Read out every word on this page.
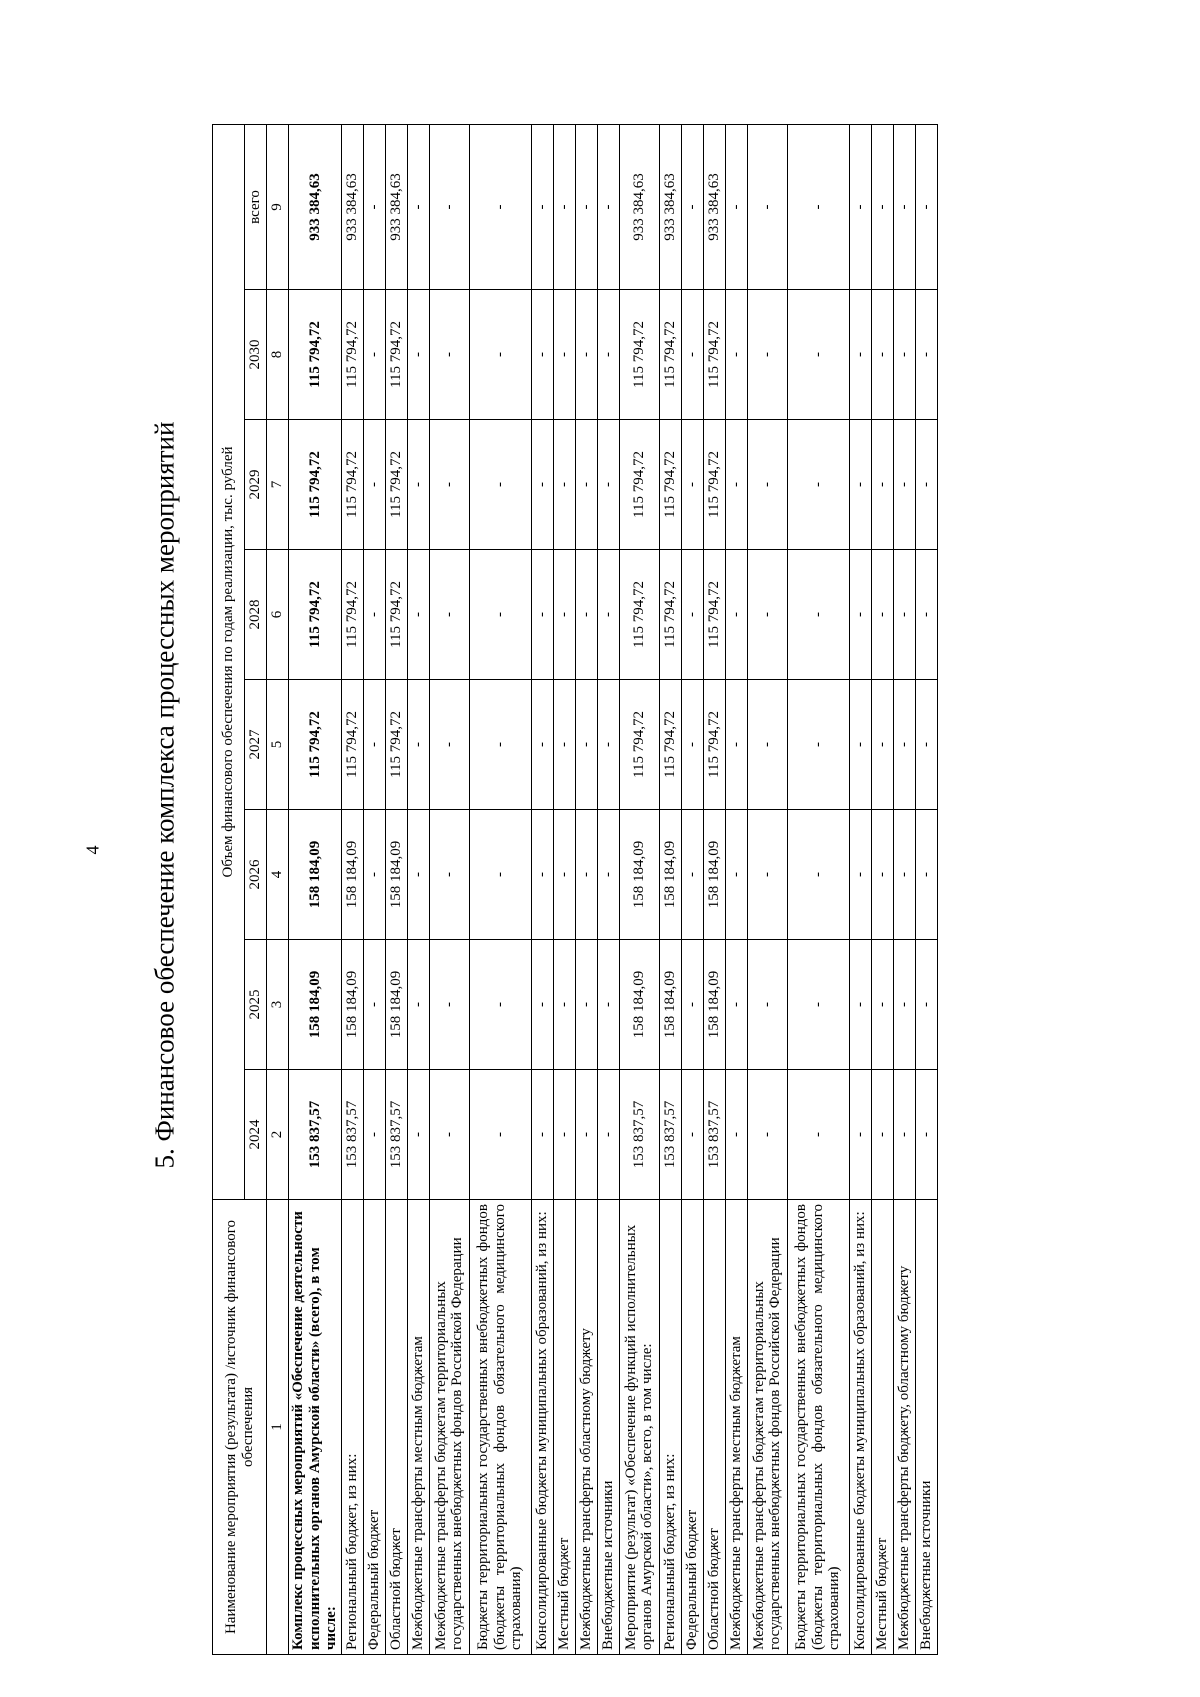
4 5. Финансовое обеспечение комплекса процессных мероприятий
Наименование мероприятия (результата) /источник финансового обеспечения	Объем финансового обеспечения по годам реализации, тыс. рублей							
	2024	2025	2026	2027	2028	2029	2030	всего
1	2	3	4	5	6	7	8	9
Комплекс процессных мероприятий «Обеспечение деятельности исполнительных органов Амурской области» (всего), в том числе:	153 837,57	158 184,09	158 184,09	115 794,72	115 794,72	115 794,72	115 794,72	933 384,63
Региональный бюджет, из них:	153 837,57	158 184,09	158 184,09	115 794,72	115 794,72	115 794,72	115 794,72	933 384,63
Федеральный бюджет	-	-	-	-	-	-	-	-
Областной бюджет	153 837,57	158 184,09	158 184,09	115 794,72	115 794,72	115 794,72	115 794,72	933 384,63
Межбюджетные трансферты местным бюджетам	-	-	-	-	-	-	-	-
Межбюджетные трансферты бюджетам территориальных государственных внебюджетных фондов Российской Федерации	-	-	-	-	-	-	-	-
Бюджеты территориальных государственных внебюджетных фондов (бюджеты территориальных фондов обязательного медицинского страхования)	-	-	-	-	-	-	-	-
Консолидированные бюджеты муниципальных образований, из них:	-	-	-	-	-	-	-	-
Местный бюджет	-	-	-	-	-	-	-	-
Межбюджетные трансферты областному бюджету	-	-	-	-	-	-	-	-
Внебюджетные источники	-	-	-	-	-	-	-	-
Мероприятие (результат) «Обеспечение функций исполнительных органов Амурской области», всего, в том числе:	153 837,57	158 184,09	158 184,09	115 794,72	115 794,72	115 794,72	115 794,72	933 384,63
Региональный бюджет, из них:	153 837,57	158 184,09	158 184,09	115 794,72	115 794,72	115 794,72	115 794,72	933 384,63
Федеральный бюджет	-	-	-	-	-	-	-	-
Областной бюджет	153 837,57	158 184,09	158 184,09	115 794,72	115 794,72	115 794,72	115 794,72	933 384,63
Межбюджетные трансферты местным бюджетам	-	-	-	-	-	-	-	-
Межбюджетные трансферты бюджетам территориальных государственных внебюджетных фондов Российской Федерации	-	-	-	-	-	-	-	-
Бюджеты территориальных государственных внебюджетных фондов (бюджеты территориальных фондов обязательного медицинского страхования)	-	-	-	-	-	-	-	-
Консолидированные бюджеты муниципальных образований, из них:	-	-	-	-	-	-	-	-
Местный бюджет	-	-	-	-	-	-	-	-
Межбюджетные трансферты бюджету, областному бюджету	-	-	-	-	-	-	-	-
Внебюджетные источники	-	-	-	-	-	-	-	-
